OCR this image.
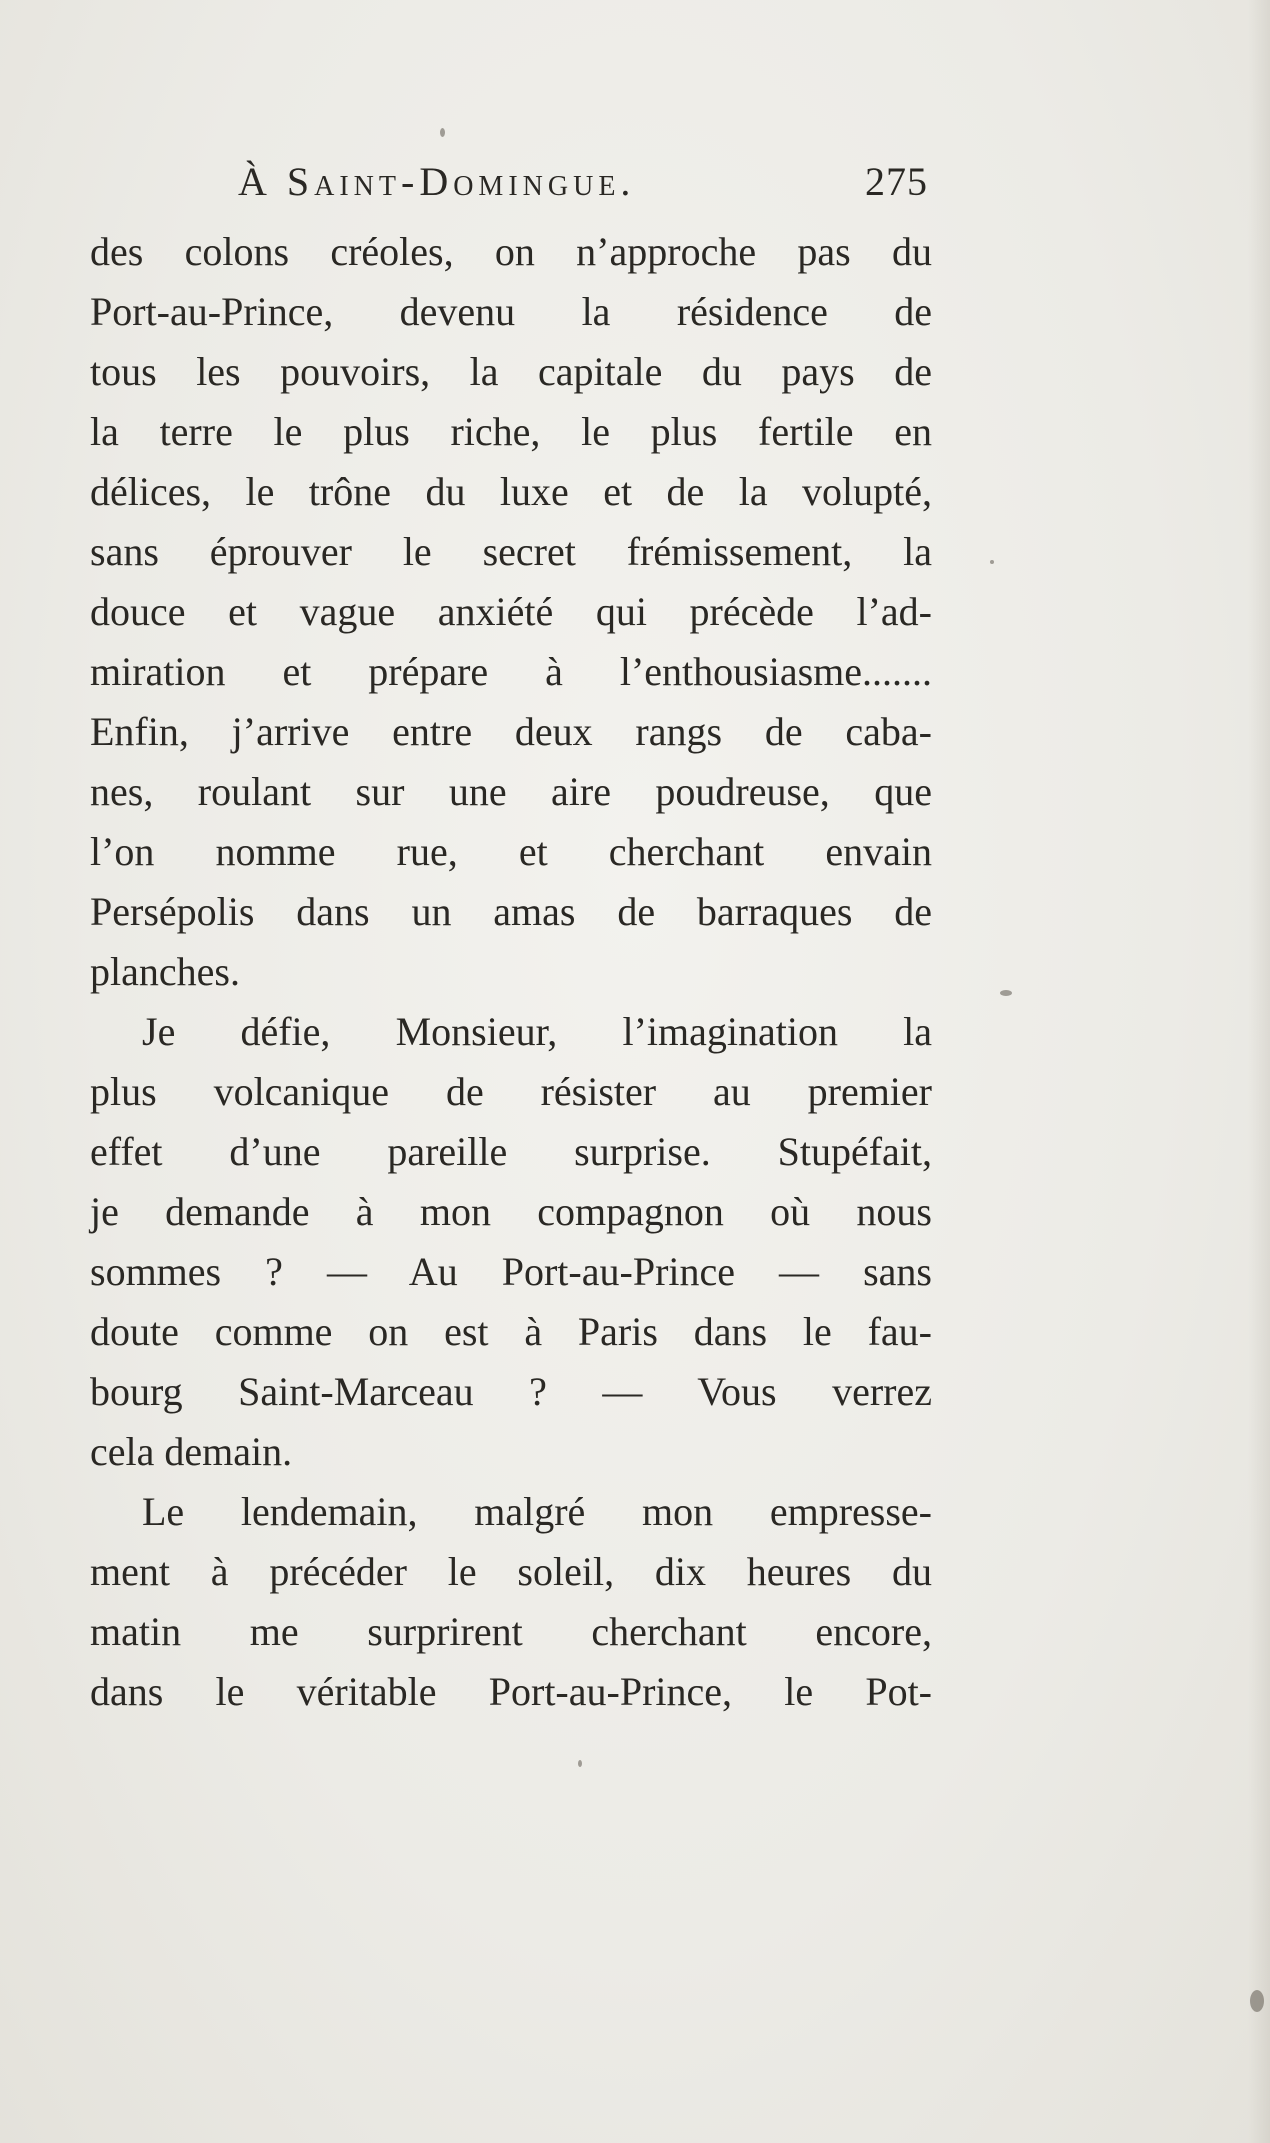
À Saint-Domingue.	275
des colons créoles, on n’approche pas du
Port-au-Prince, devenu la résidence de
tous les pouvoirs, la capitale du pays de
la terre le plus riche, le plus fertile en
délices, le trône du luxe et de la volupté,
sans éprouver le secret frémissement, la
douce et vague anxiété qui précède l’ad-
miration et prépare à l’enthousiasme.......
Enfin, j’arrive entre deux rangs de caba-
nes, roulant sur une aire poudreuse, que
l’on nomme rue, et cherchant envain
Persépolis dans un amas de barraques de
planches.
Je défie, Monsieur, l’imagination la
plus volcanique de résister au premier
effet d’une pareille surprise. Stupéfait,
je demande à mon compagnon où nous
sommes ? — Au Port-au-Prince — sans
doute comme on est à Paris dans le fau-
bourg Saint-Marceau ? — Vous verrez
cela demain.
Le lendemain, malgré mon empresse-
ment à précéder le soleil, dix heures du
matin me surprirent cherchant encore,
dans le véritable Port-au-Prince, le Pot-
